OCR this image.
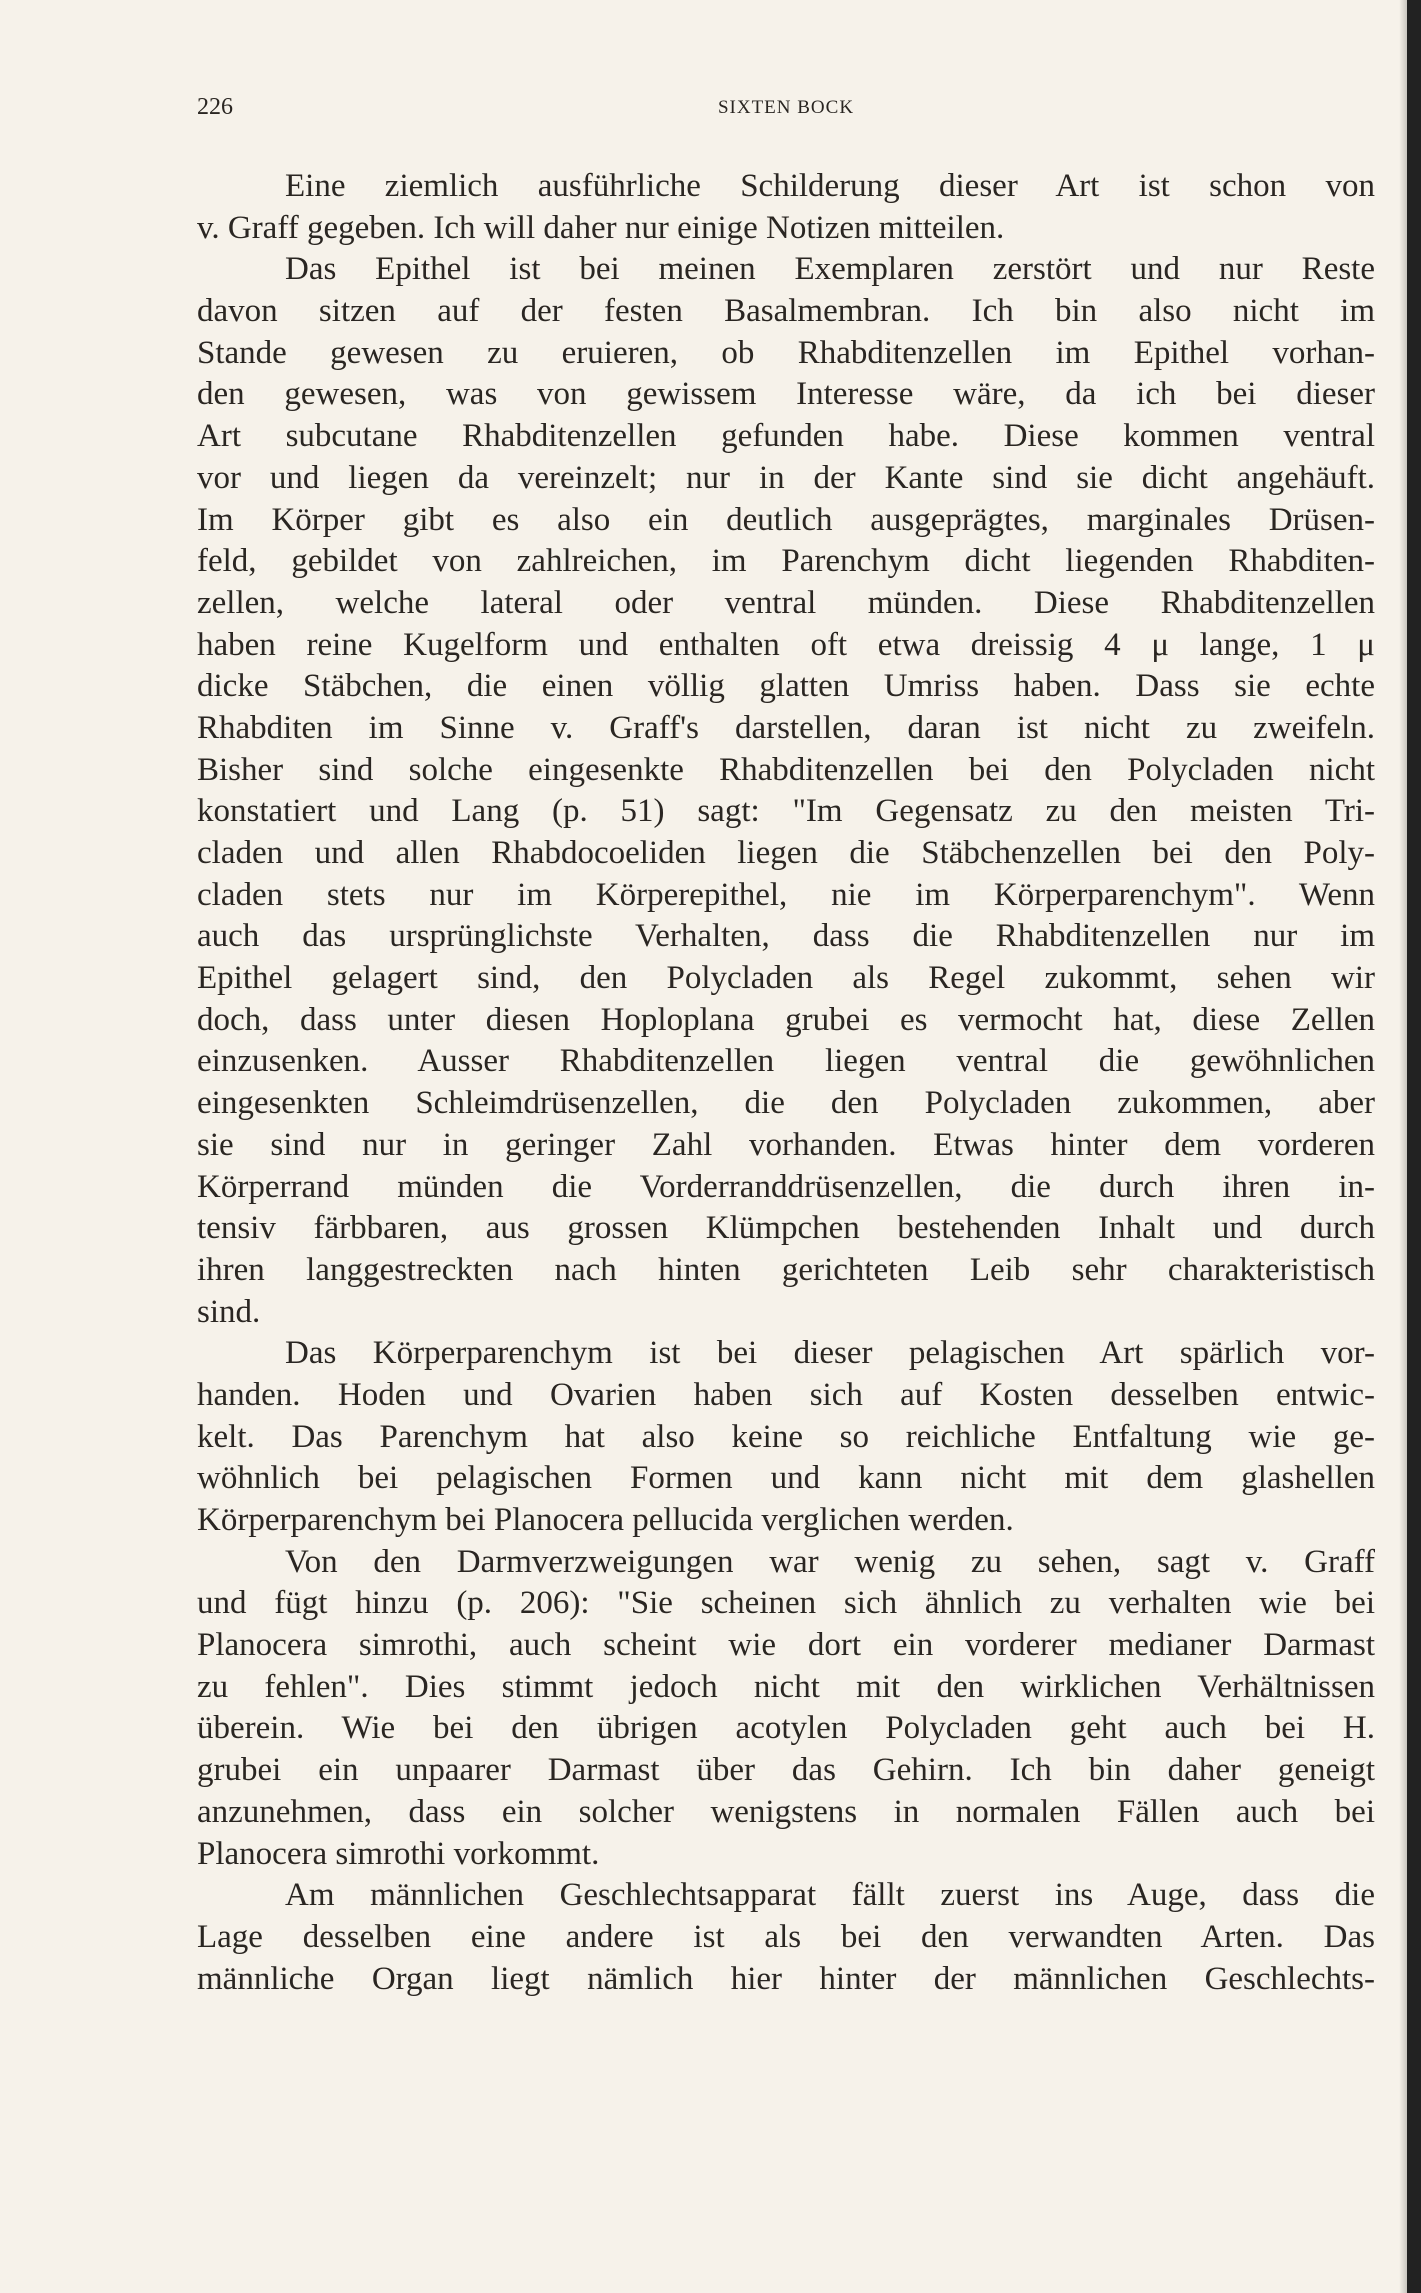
226	SIXTEN BOCK
Eine ziemlich ausführliche Schilderung dieser Art ist schon von
v. Graff gegeben. Ich will daher nur einige Notizen mitteilen.
Das Epithel ist bei meinen Exemplaren zerstört und nur Reste
davon sitzen auf der festen Basalmembran. Ich bin also nicht im
Stande gewesen zu eruieren, ob Rhabditenzellen im Epithel vorhan-
den gewesen, was von gewissem Interesse wäre, da ich bei dieser
Art subcutane Rhabditenzellen gefunden habe. Diese kommen ventral
vor und liegen da vereinzelt; nur in der Kante sind sie dicht angehäuft.
Im Körper gibt es also ein deutlich ausgeprägtes, marginales Drüsen-
feld, gebildet von zahlreichen, im Parenchym dicht liegenden Rhabditen-
zellen, welche lateral oder ventral münden. Diese Rhabditenzellen
haben reine Kugelform und enthalten oft etwa dreissig 4 μ lange, 1 μ
dicke Stäbchen, die einen völlig glatten Umriss haben. Dass sie echte
Rhabditen im Sinne v. Graff's darstellen, daran ist nicht zu zweifeln.
Bisher sind solche eingesenkte Rhabditenzellen bei den Polycladen nicht
konstatiert und Lang (p. 51) sagt: "Im Gegensatz zu den meisten Tri-
claden und allen Rhabdocoeliden liegen die Stäbchenzellen bei den Poly-
claden stets nur im Körperepithel, nie im Körperparenchym". Wenn
auch das ursprünglichste Verhalten, dass die Rhabditenzellen nur im
Epithel gelagert sind, den Polycladen als Regel zukommt, sehen wir
doch, dass unter diesen Hoploplana grubei es vermocht hat, diese Zellen
einzusenken. Ausser Rhabditenzellen liegen ventral die gewöhnlichen
eingesenkten Schleimdrüsenzellen, die den Polycladen zukommen, aber
sie sind nur in geringer Zahl vorhanden. Etwas hinter dem vorderen
Körperrand münden die Vorderranddrüsenzellen, die durch ihren in-
tensiv färbbaren, aus grossen Klümpchen bestehenden Inhalt und durch
ihren langgestreckten nach hinten gerichteten Leib sehr charakteristisch
sind.
Das Körperparenchym ist bei dieser pelagischen Art spärlich vor-
handen. Hoden und Ovarien haben sich auf Kosten desselben entwic-
kelt. Das Parenchym hat also keine so reichliche Entfaltung wie ge-
wöhnlich bei pelagischen Formen und kann nicht mit dem glashellen
Körperparenchym bei Planocera pellucida verglichen werden.
Von den Darmverzweigungen war wenig zu sehen, sagt v. Graff
und fügt hinzu (p. 206): "Sie scheinen sich ähnlich zu verhalten wie bei
Planocera simrothi, auch scheint wie dort ein vorderer medianer Darmast
zu fehlen". Dies stimmt jedoch nicht mit den wirklichen Verhältnissen
überein. Wie bei den übrigen acotylen Polycladen geht auch bei H.
grubei ein unpaarer Darmast über das Gehirn. Ich bin daher geneigt
anzunehmen, dass ein solcher wenigstens in normalen Fällen auch bei
Planocera simrothi vorkommt.
Am männlichen Geschlechtsapparat fällt zuerst ins Auge, dass die
Lage desselben eine andere ist als bei den verwandten Arten. Das
männliche Organ liegt nämlich hier hinter der männlichen Geschlechts-
